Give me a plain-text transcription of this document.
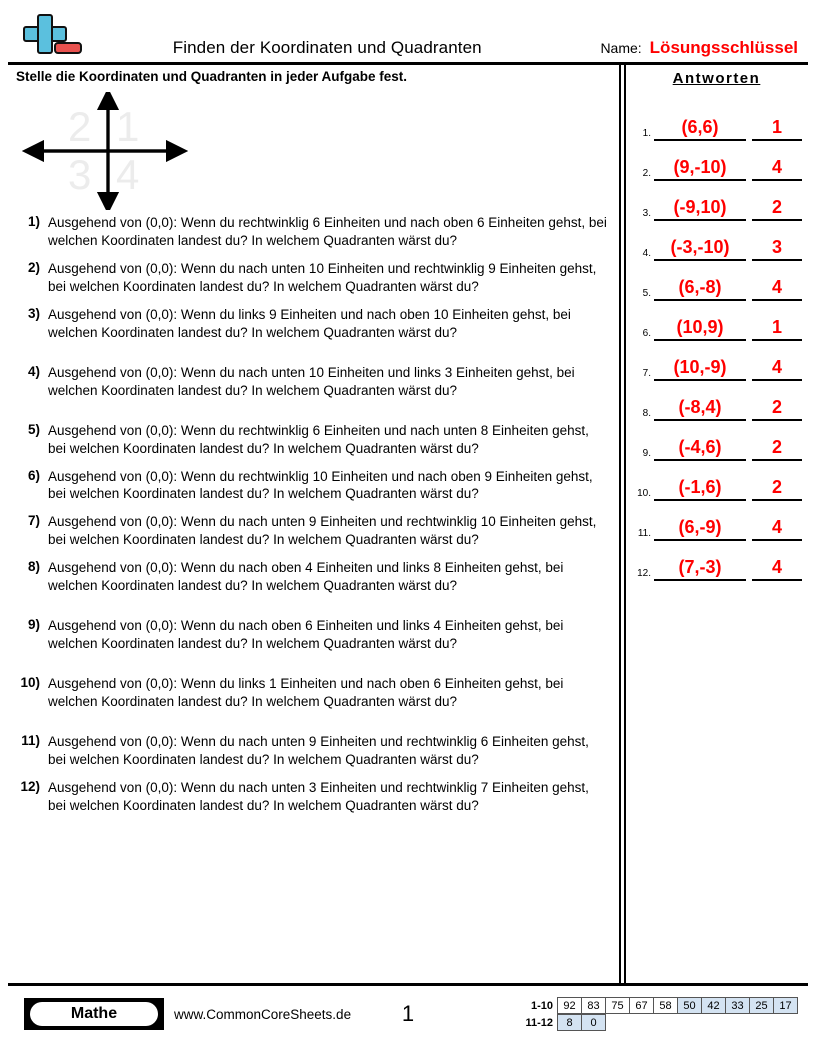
Finden der Koordinaten und Quadranten	Name: Lösungsschlüssel
Stelle die Koordinaten und Quadranten in jeder Aufgabe fest.
2 1
3 4
1) Ausgehend von (0,0): Wenn du rechtwinklig 6 Einheiten und nach oben 6 Einheiten gehst, bei welchen Koordinaten landest du? In welchem Quadranten wärst du?
2) Ausgehend von (0,0): Wenn du nach unten 10 Einheiten und rechtwinklig 9 Einheiten gehst, bei welchen Koordinaten landest du? In welchem Quadranten wärst du?
3) Ausgehend von (0,0): Wenn du links 9 Einheiten und nach oben 10 Einheiten gehst, bei welchen Koordinaten landest du? In welchem Quadranten wärst du?
4) Ausgehend von (0,0): Wenn du nach unten 10 Einheiten und links 3 Einheiten gehst, bei welchen Koordinaten landest du? In welchem Quadranten wärst du?
5) Ausgehend von (0,0): Wenn du rechtwinklig 6 Einheiten und nach unten 8 Einheiten gehst, bei welchen Koordinaten landest du? In welchem Quadranten wärst du?
6) Ausgehend von (0,0): Wenn du rechtwinklig 10 Einheiten und nach oben 9 Einheiten gehst, bei welchen Koordinaten landest du? In welchem Quadranten wärst du?
7) Ausgehend von (0,0): Wenn du nach unten 9 Einheiten und rechtwinklig 10 Einheiten gehst, bei welchen Koordinaten landest du? In welchem Quadranten wärst du?
8) Ausgehend von (0,0): Wenn du nach oben 4 Einheiten und links 8 Einheiten gehst, bei welchen Koordinaten landest du? In welchem Quadranten wärst du?
9) Ausgehend von (0,0): Wenn du nach oben 6 Einheiten und links 4 Einheiten gehst, bei welchen Koordinaten landest du? In welchem Quadranten wärst du?
10) Ausgehend von (0,0): Wenn du links 1 Einheiten und nach oben 6 Einheiten gehst, bei welchen Koordinaten landest du? In welchem Quadranten wärst du?
11) Ausgehend von (0,0): Wenn du nach unten 9 Einheiten und rechtwinklig 6 Einheiten gehst, bei welchen Koordinaten landest du? In welchem Quadranten wärst du?
12) Ausgehend von (0,0): Wenn du nach unten 3 Einheiten und rechtwinklig 7 Einheiten gehst, bei welchen Koordinaten landest du? In welchem Quadranten wärst du?
Antworten
1.	(6,6)	1
2.	(9,-10)	4
3.	(-9,10)	2
4.	(-3,-10)	3
5.	(6,-8)	4
6.	(10,9)	1
7.	(10,-9)	4
8.	(-8,4)	2
9.	(-4,6)	2
10.	(-1,6)	2
11.	(6,-9)	4
12.	(7,-3)	4
Mathe	www.CommonCoreSheets.de	1	1-10 92	83	75	67	58	50	42	33	25	17
11-12	8	0
